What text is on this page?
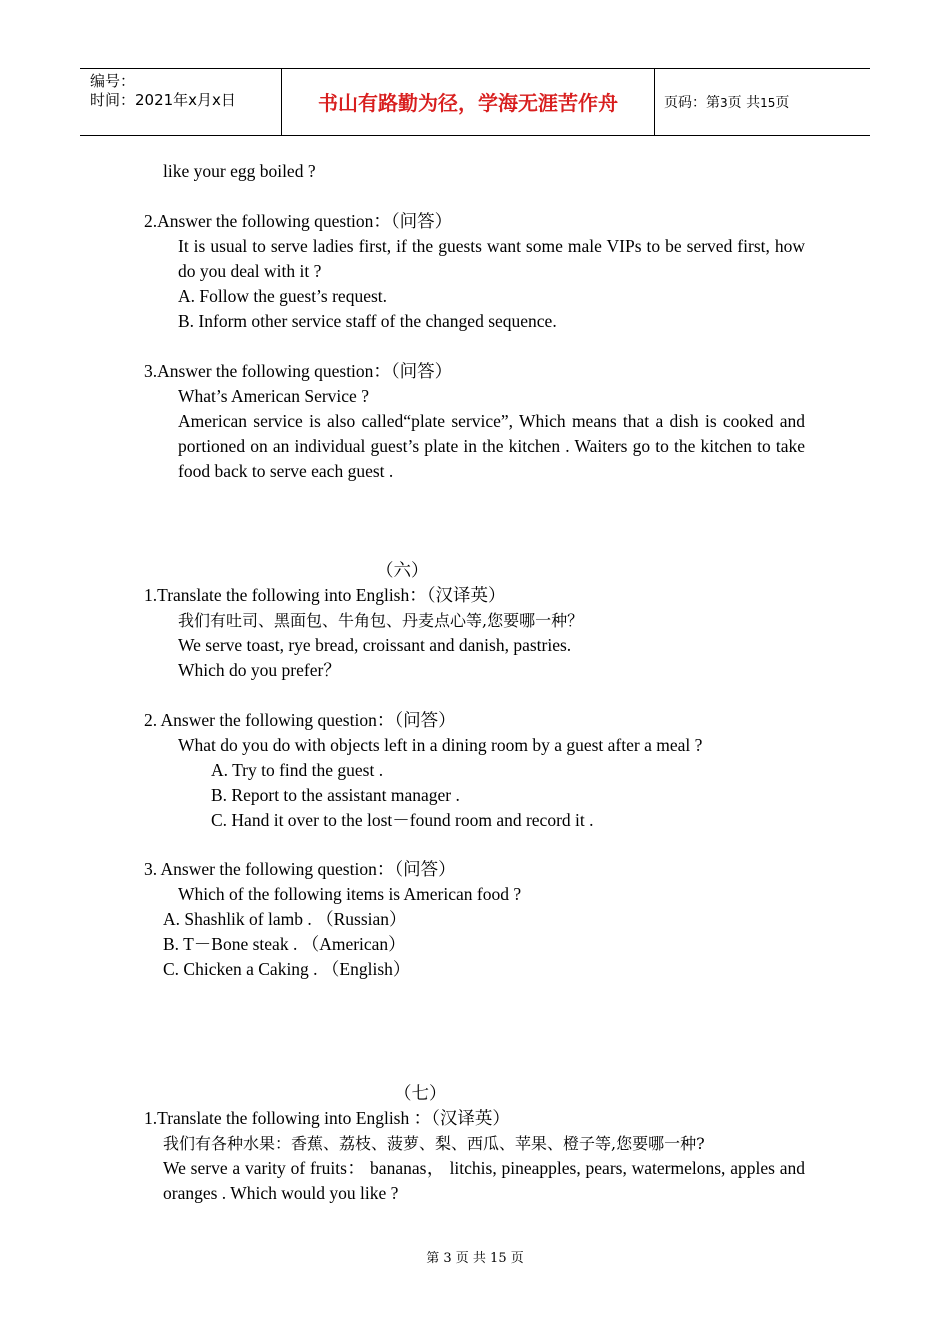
编号：
时间：2021年x月x日	书山有路勤为径，学海无涯苦作舟	页码：第3页 共15页
like your egg boiled ?
2.Answer the following question：（问答）
It is usual to serve ladies first, if the guests want some male VIPs to be served first, how do you deal with it ?
A. Follow the guest’s request.
B. Inform other service staff of the changed sequence.
3.Answer the following question：（问答）
What’s American Service ?
American service is also called“plate service”, Which means that a dish is cooked and portioned on an individual guest’s plate in the kitchen . Waiters go to the kitchen to take food back to serve each guest .
（六）
1.Translate the following into English：（汉译英）
我们有吐司、黑面包、牛角包、丹麦点心等,您要哪一种？
We serve toast, rye bread, croissant and danish, pastries.
Which do you prefer？
2. Answer the following question：（问答）
What do you do with objects left in a dining room by a guest after a meal ?
A. Try to find the guest .
B. Report to the assistant manager .
C. Hand it over to the lost－found room and record it .
3. Answer the following question：（问答）
Which of the following items is American food ?
A. Shashlik of lamb . （Russian）
B. T－Bone steak . （American）
C. Chicken a Caking . （English）
（七）
1.Translate the following into English ：（汉译英）
我们有各种水果：香蕉、荔枝、菠萝、梨、西瓜、苹果、橙子等,您要哪一种?
We serve a varity of fruits： bananas， litchis, pineapples, pears, watermelons, apples and oranges . Which would you like ?
第 3 页 共 15 页
